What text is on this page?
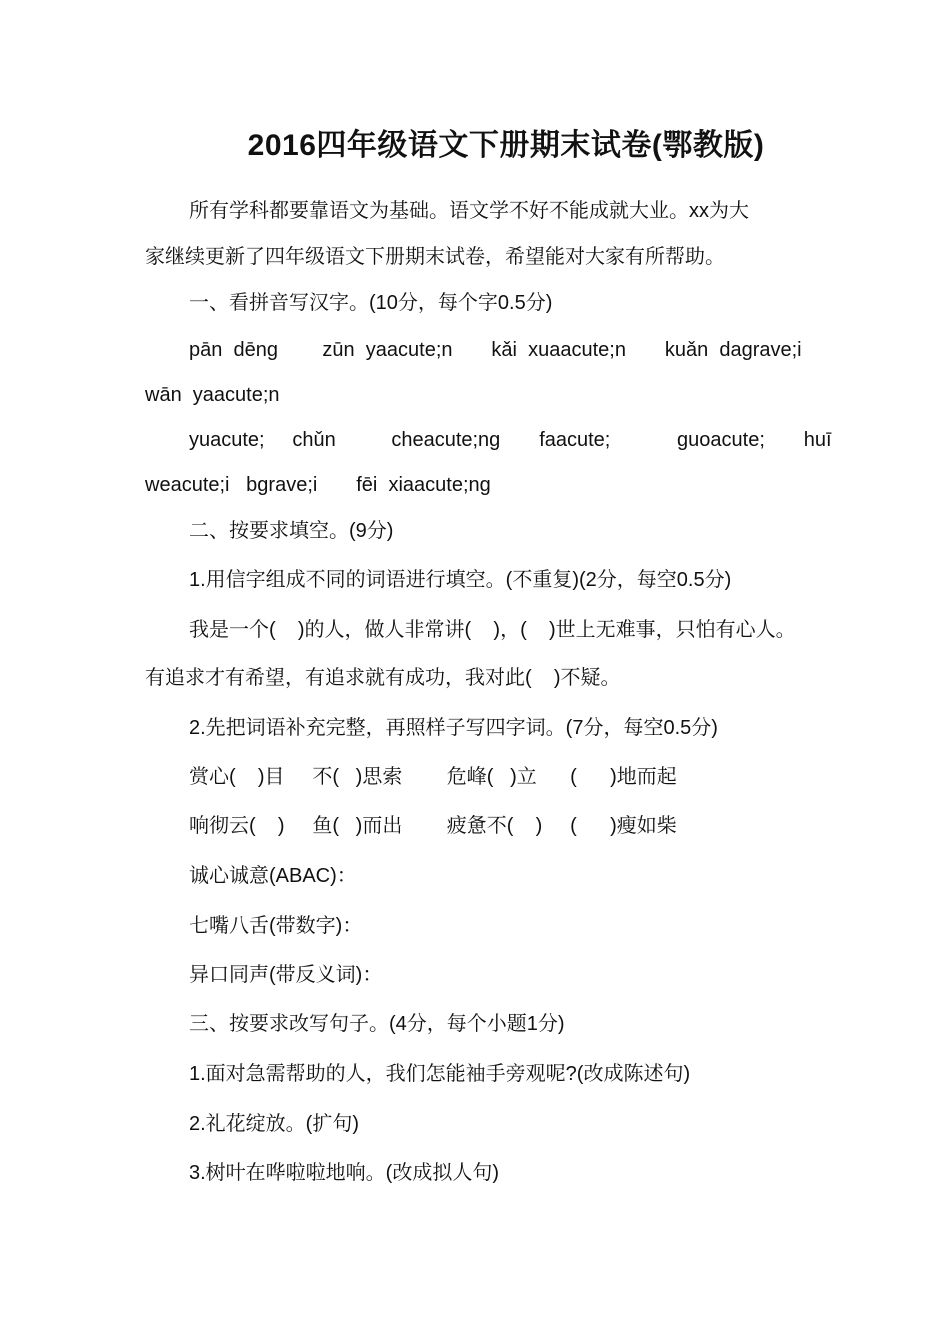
2016四年级语文下册期末试卷(鄂教版)
所有学科都要靠语文为基础。语文学不好不能成就大业。xx为大
家继续更新了四年级语文下册期末试卷，希望能对大家有所帮助。
一、看拼音写汉字。(10分，每个字0.5分)
pān  dēng        zūn  yaacute;n       kǎi  xuaacute;n       kuǎn  dagrave;i
wān  yaacute;n
yuacute;     chǔn          cheacute;ng       faacute;            guoacute;       huī
weacute;i   bgrave;i       fēi  xiaacute;ng
二、按要求填空。(9分)
1.用信字组成不同的词语进行填空。(不重复)(2分，每空0.5分)
我是一个(    )的人，做人非常讲(    )，(    )世上无难事，只怕有心人。
有追求才有希望，有追求就有成功，我对此(    )不疑。
2.先把词语补充完整，再照样子写四字词。(7分，每空0.5分)
赏心(    )目     不(   )思索        危峰(   )立      (      )地而起
响彻云(    )     鱼(   )而出        疲惫不(    )     (      )瘦如柴
诚心诚意(ABAC)：
七嘴八舌(带数字)：
异口同声(带反义词)：
三、按要求改写句子。(4分，每个小题1分)
1.面对急需帮助的人，我们怎能袖手旁观呢?(改成陈述句)
2.礼花绽放。(扩句)
3.树叶在哗啦啦地响。(改成拟人句)
